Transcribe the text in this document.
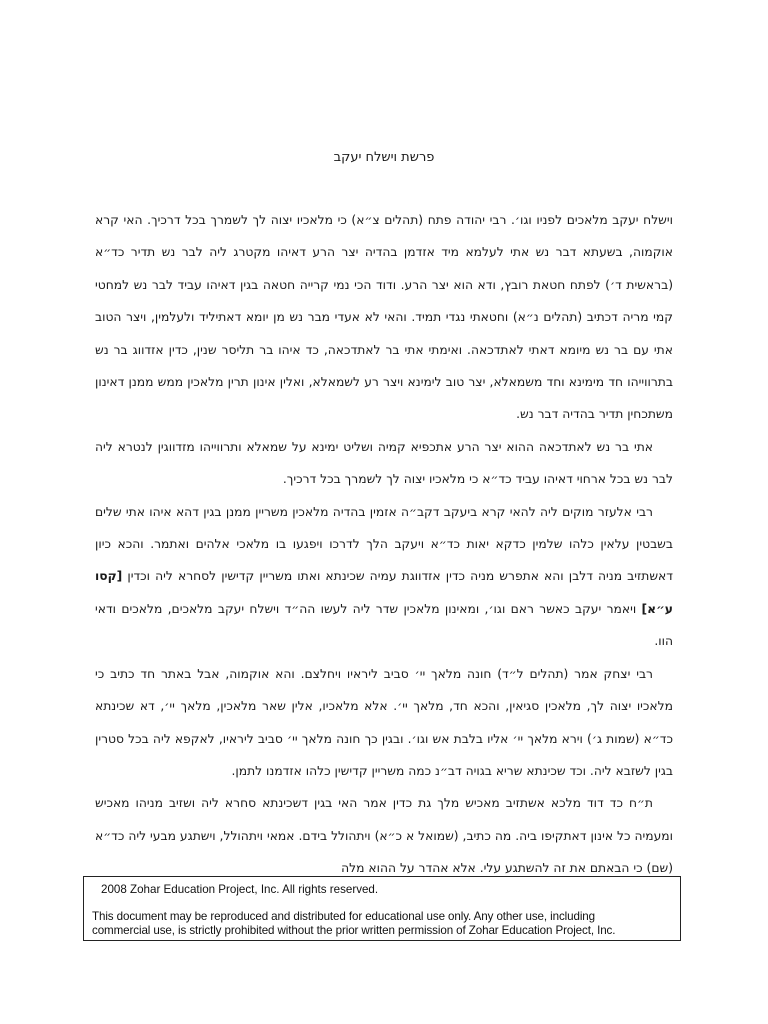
פרשת וישלח יעקב

וישלח יעקב מלאכים לפניו וגו׳. רבי יהודה פתח (תהלים צ״א) כי מלאכיו יצוה לך לשמרך בכל דרכיך. האי קרא אוקמוה, בשעתא דבר נש אתי לעלמא מיד אזדמן בהדיה יצר הרע דאיהו מקטרג ליה לבר נש תדיר כד״א (בראשית ד׳) לפתח חטאת רובץ, ודא הוא יצר הרע. ודוד הכי נמי קרייה חטאה בגין דאיהו עביד לבר נש למחטי קמי מריה דכתיב (תהלים נ״א) וחטאתי נגדי תמיד. והאי לא אעדי מבר נש מן יומא דאתיליד ולעלמין, ויצר הטוב אתי עם בר נש מיומא דאתי לאתדכאה. ואימתי אתי בר לאתדכאה, כד איהו בר תליסר שנין, כדין אזדווג בר נש בתרווייהו חד מימינא וחד משמאלא, יצר טוב לימינא ויצר רע לשמאלא, ואלין אינון תרין מלאכין ממש ממנן דאינון משתכחין תדיר בהדיה דבר נש.

אתי בר נש לאתדכאה ההוא יצר הרע אתכפיא קמיה ושליט ימינא על שמאלא ותרווייהו מזדווגין לנטרא ליה לבר נש בכל ארחוי דאיהו עביד כד״א כי מלאכיו יצוה לך לשמרך בכל דרכיך.

רבי אלעזר מוקים ליה להאי קרא ביעקב דקב״ה אזמין בהדיה מלאכין משריין ממנן בגין דהא איהו אתי שלים בשבטין עלאין כלהו שלמין כדקא יאות כד״א ויעקב הלך לדרכו ויפגעו בו מלאכי אלהים ואתמר. והכא כיון דאשתזיב מניה דלבן והא אתפרש מניה כדין אזדווגת עמיה שכינתא ואתו משריין קדישין לסחרא ליה וכדין [קסו ע״א] ויאמר יעקב כאשר ראם וגו׳, ומאינון מלאכין שדר ליה לעשו הה״ד וישלח יעקב מלאכים, מלאכים ודאי הוו.

רבי יצחק אמר (תהלים ל״ד) חונה מלאך יי׳ סביב ליראיו ויחלצם. והא אוקמוה, אבל באתר חד כתיב כי מלאכיו יצוה לך, מלאכין סגיאין, והכא חד, מלאך יי׳. אלא מלאכיו, אלין שאר מלאכין, מלאך יי׳, דא שכינתא כד״א (שמות ג׳) וירא מלאך יי׳ אליו בלבת אש וגו׳. ובגין כך חונה מלאך יי׳ סביב ליראיו, לאקפא ליה בכל סטרין בגין לשזבא ליה. וכד שכינתא שריא בגויה דב״נ כמה משריין קדישין כלהו אזדמנו לתמן.

ת״ח כד דוד מלכא אשתזיב מאכיש מלך גת כדין אמר האי בגין דשכינתא סחרא ליה ושזיב מניהו מאכיש ומעמיה כל אינון דאתקיפו ביה. מה כתיב, (שמואל א כ״א) ויתהולל בידם. אמאי ויתהולל, וישתגע מבעי ליה כד״א (שם) כי הבאתם את זה להשתגע עלי. אלא אהדר על ההוא מלה

2008 Zohar Education Project, Inc. All rights reserved.
This document may be reproduced and distributed for educational use only. Any other use, including
commercial use, is strictly prohibited without the prior written permission of Zohar Education Project, Inc.
